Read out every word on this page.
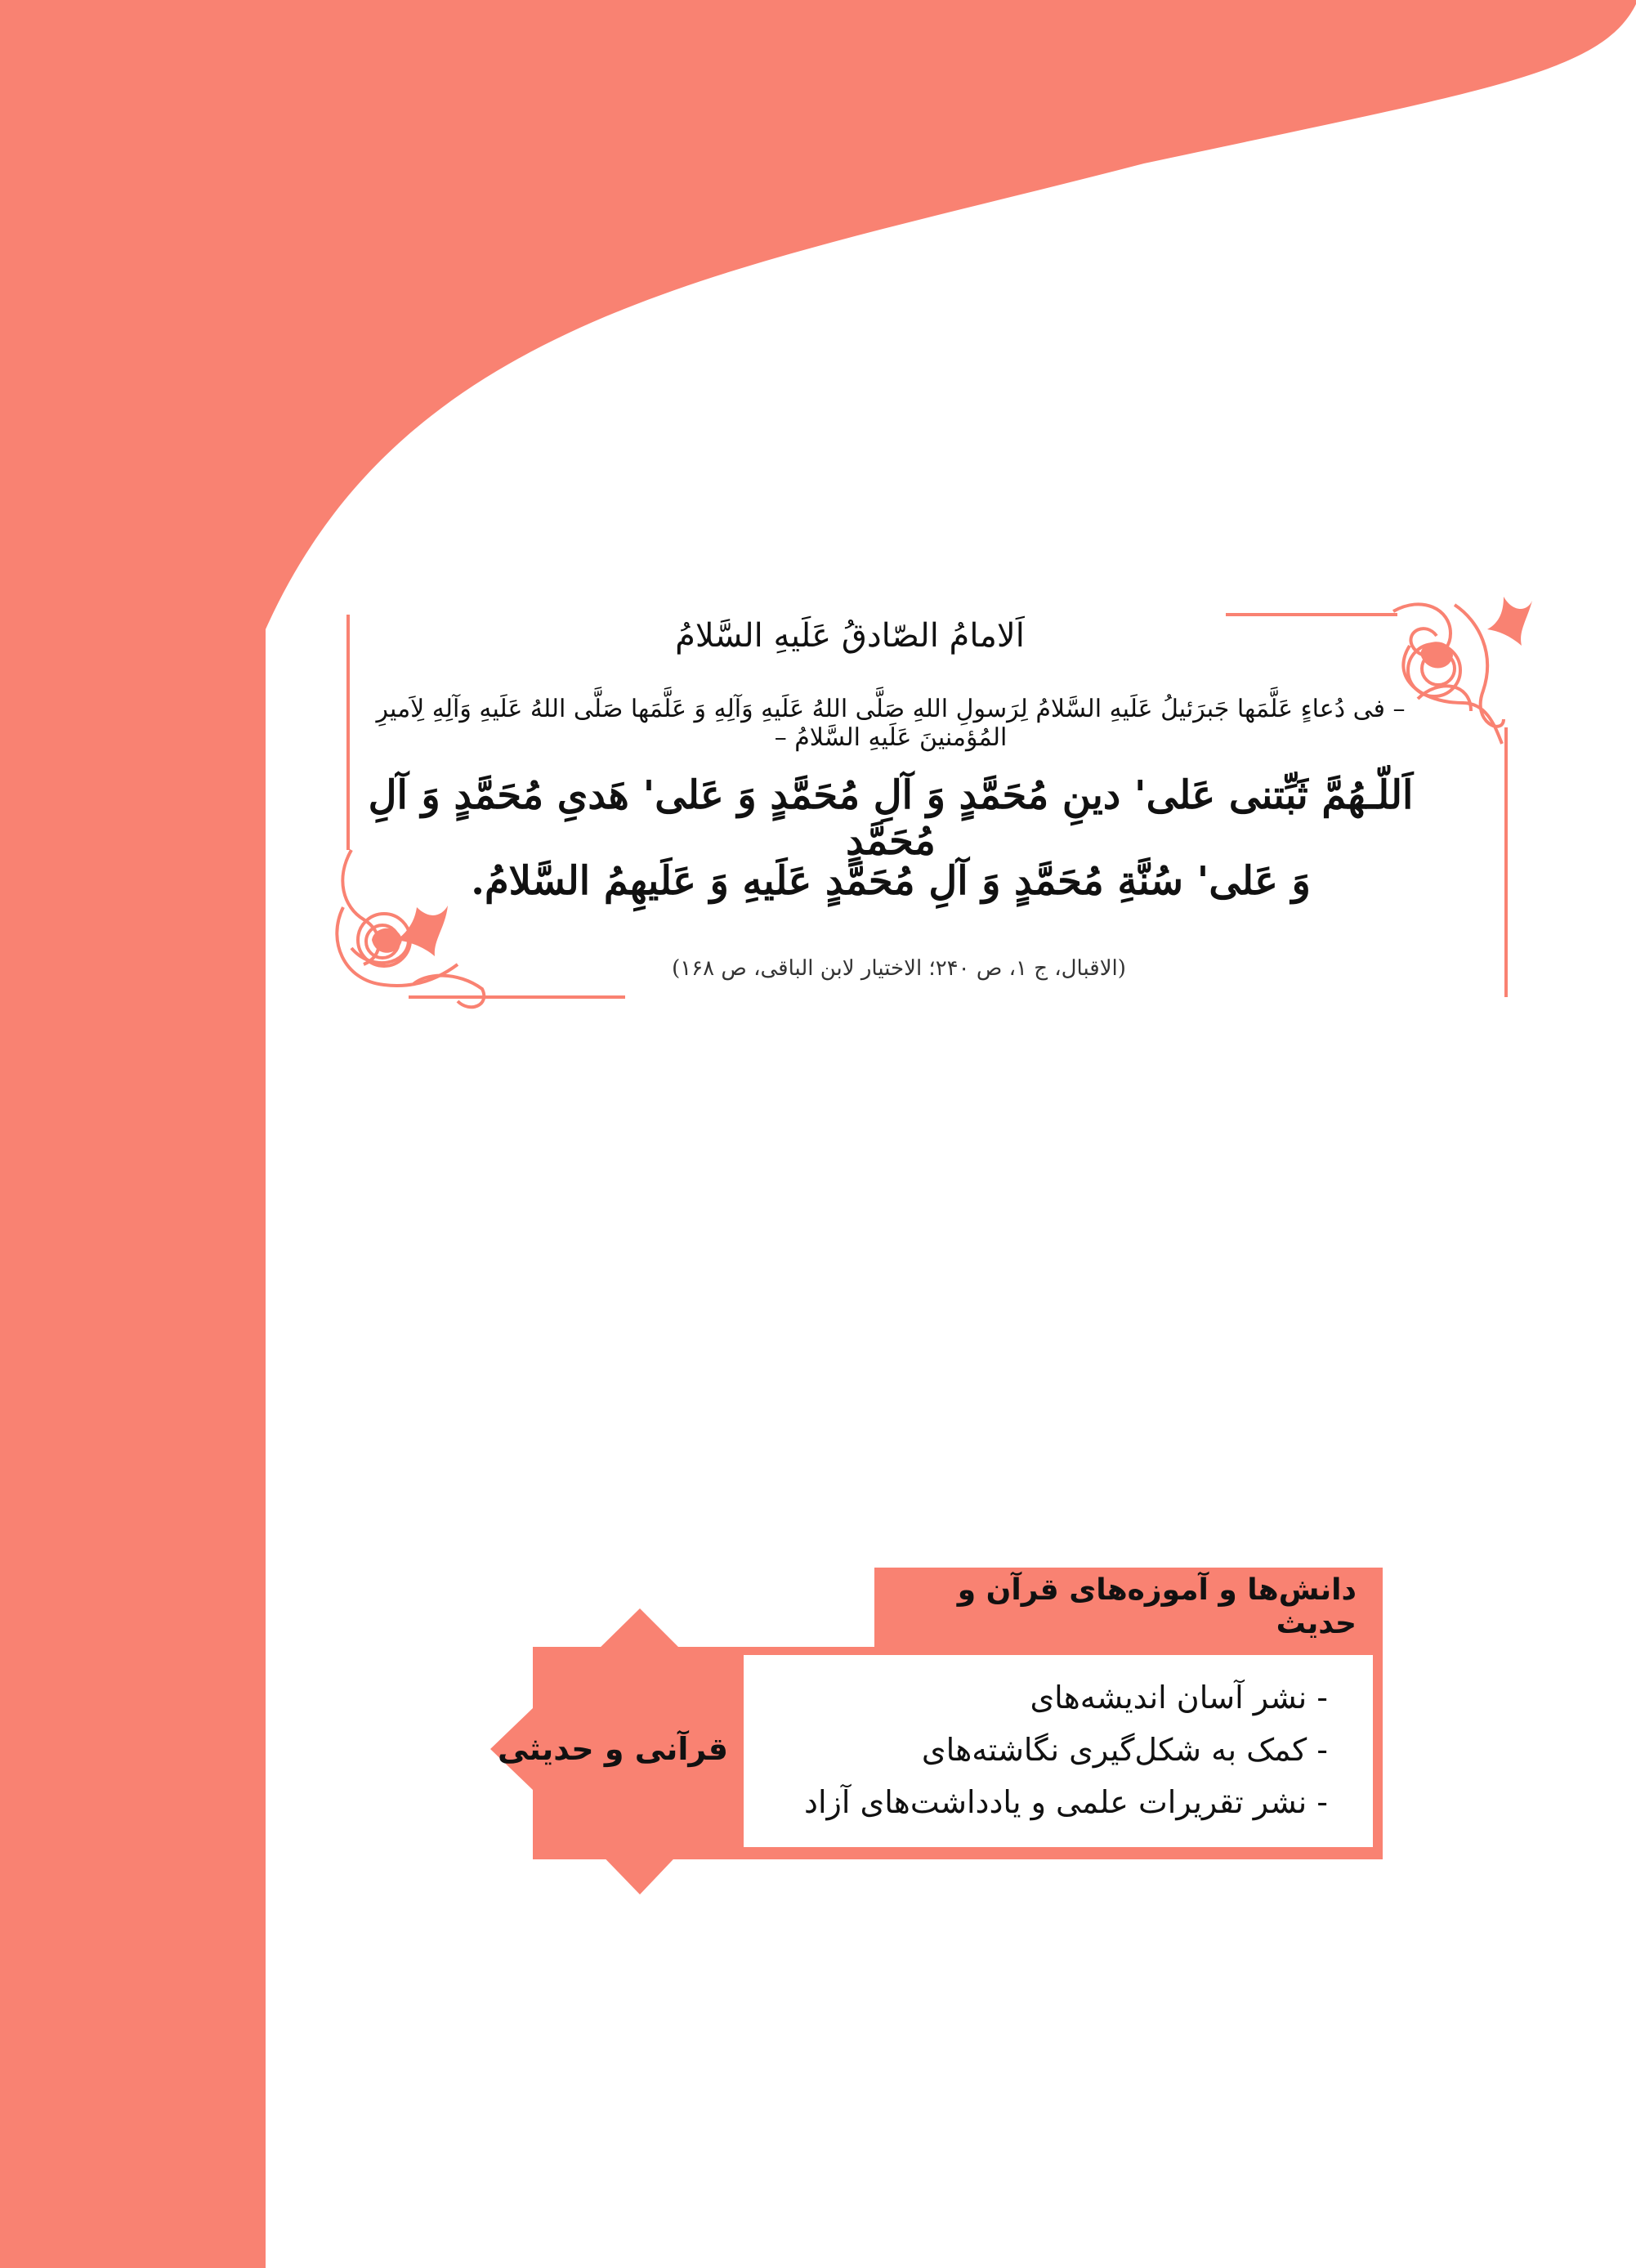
اَلامامُ الصّادقُ عَلَيهِ السَّلامُ
– فی دُعاءٍ عَلَّمَها جَبرَئيلُ عَلَيهِ السَّلامُ لِرَسولِ اللهِ صَلَّی اللهُ عَلَيهِ وَآلِهِ وَ عَلَّمَها صَلَّی اللهُ عَلَيهِ وَآلِهِ لِاَميرِ المُؤمنينَ عَلَيهِ السَّلامُ –
اَللّـهُمَّ ثَبِّتنی عَلی' دینِ مُحَمَّدٍ وَ آلِ مُحَمَّدٍ وَ عَلی' هَدیِ مُحَمَّدٍ وَ آلِ مُحَمَّدٍ
وَ عَلی' سُنَّةِ مُحَمَّدٍ وَ آلِ مُحَمَّدٍ عَلَيهِ وَ عَلَيهِمُ السَّلامُ.
(الاقبال، ج ۱، ص ۲۴۰؛ الاختيار لابن الباقی، ص ۱۶۸)
دانش‌ها و آموزه‌های قرآن و حدیث
- نشر آسان اندیشه‌های
- کمک به شکل‌گیری نگاشته‌های
- نشر تقریرات علمی و یادداشت‌های آزاد
قرآنی و حدیثی
